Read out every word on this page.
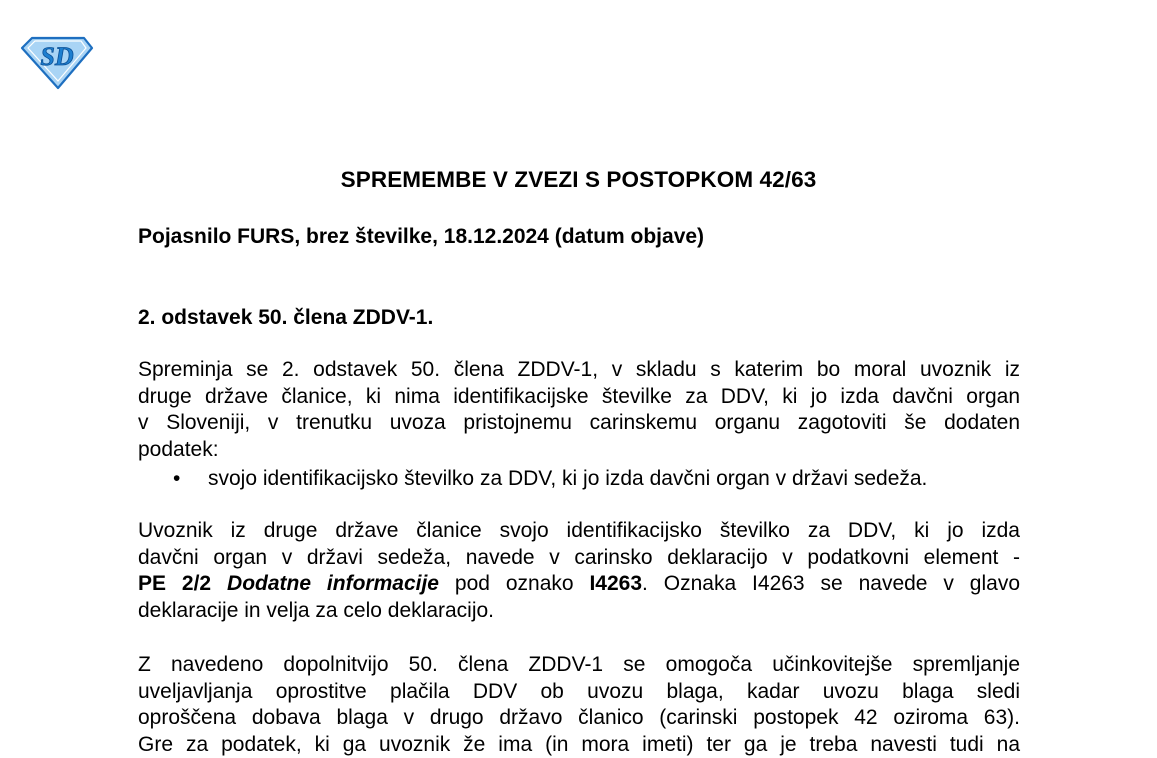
SD
SPREMEMBE V ZVEZI S POSTOPKOM 42/63
Pojasnilo FURS, brez številke, 18.12.2024 (datum objave)
2. odstavek 50. člena ZDDV-1.
Spreminja se 2. odstavek 50. člena ZDDV-1, v skladu s katerim bo moral uvoznik iz
druge države članice, ki nima identifikacijske številke za DDV, ki jo izda davčni organ
v Sloveniji, v trenutku uvoza pristojnemu carinskemu organu zagotoviti še dodaten
podatek:
• svojo identifikacijsko številko za DDV, ki jo izda davčni organ v državi sedeža.
Uvoznik iz druge države članice svojo identifikacijsko številko za DDV, ki jo izda
davčni organ v državi sedeža, navede v carinsko deklaracijo v podatkovni element -
PE 2/2 Dodatne informacije pod oznako I4263. Oznaka I4263 se navede v glavo
deklaracije in velja za celo deklaracijo.
Z navedeno dopolnitvijo 50. člena ZDDV-1 se omogoča učinkovitejše spremljanje
uveljavljanja oprostitve plačila DDV ob uvozu blaga, kadar uvozu blaga sledi
oproščena dobava blaga v drugo državo članico (carinski postopek 42 oziroma 63).
Gre za podatek, ki ga uvoznik že ima (in mora imeti) ter ga je treba navesti tudi na
